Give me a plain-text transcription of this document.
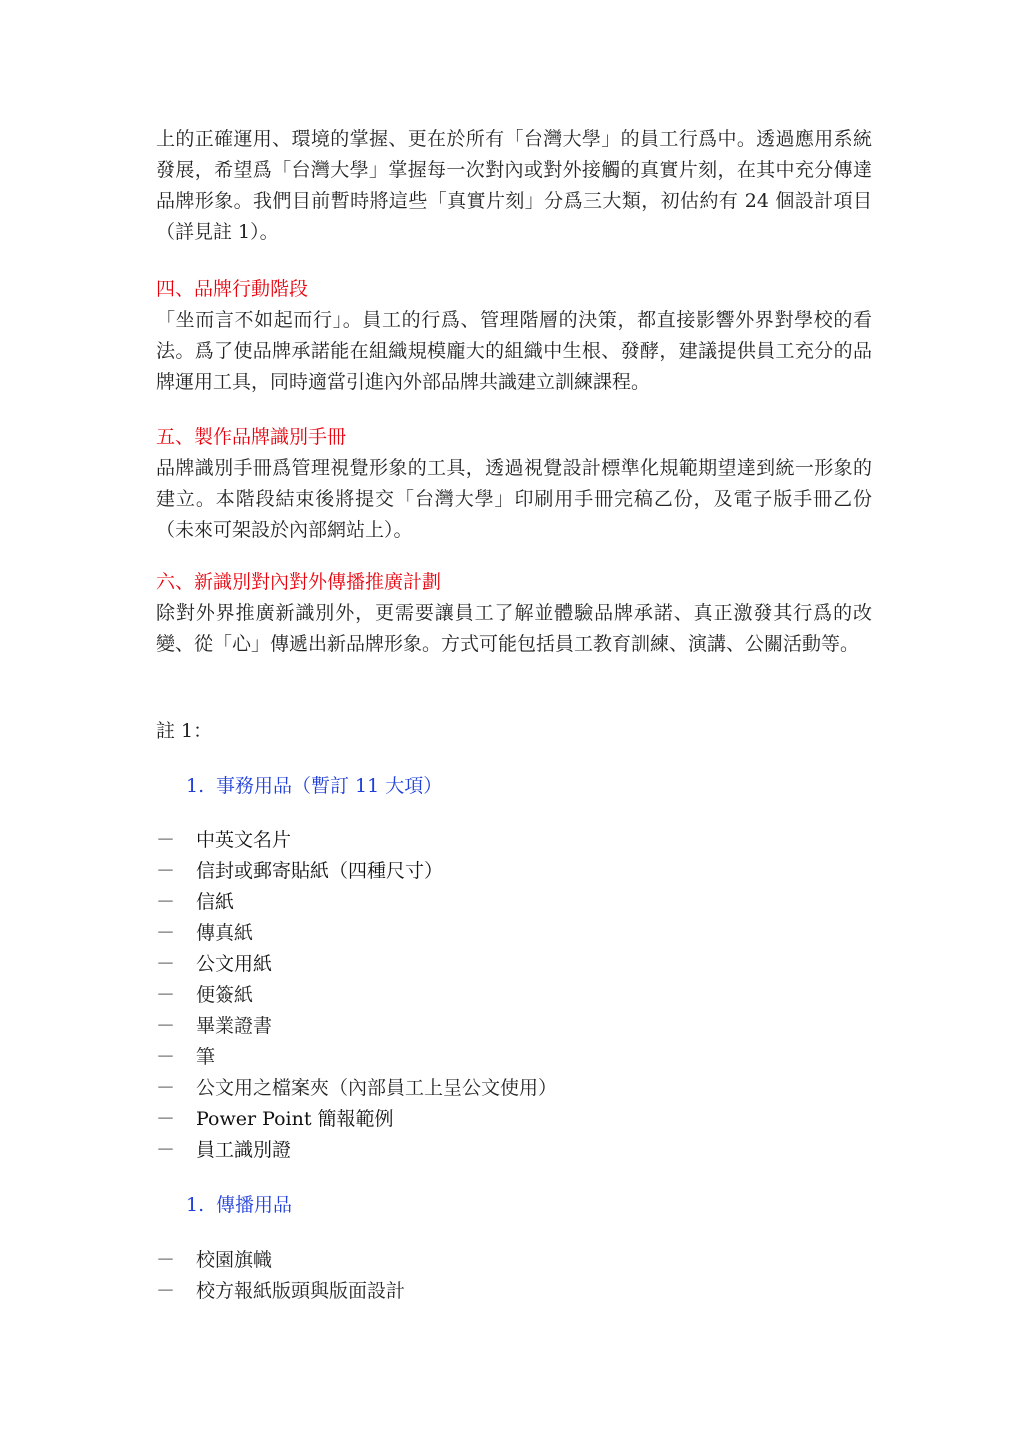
上的正確運用、環境的掌握、更在於所有「台灣大學」的員工行爲中。透過應用系統發展，希望爲「台灣大學」掌握每一次對內或對外接觸的真實片刻，在其中充分傳達品牌形象。我們目前暫時將這些「真實片刻」分爲三大類，初估約有 24 個設計項目（詳見註 1）。

四、品牌行動階段

「坐而言不如起而行」。員工的行爲、管理階層的決策，都直接影響外界對學校的看法。爲了使品牌承諾能在組織規模龐大的組織中生根、發酵，建議提供員工充分的品牌運用工具，同時適當引進內外部品牌共識建立訓練課程。

五、製作品牌識別手冊

品牌識別手冊爲管理視覺形象的工具，透過視覺設計標準化規範期望達到統一形象的建立。本階段結束後將提交「台灣大學」印刷用手冊完稿乙份，及電子版手冊乙份（未來可架設於內部網站上）。

六、新識別對內對外傳播推廣計劃

除對外界推廣新識別外，更需要讓員工了解並體驗品牌承諾、真正激發其行爲的改變、從「心」傳遞出新品牌形象。方式可能包括員工教育訓練、演講、公關活動等。

註 1：

1. 事務用品（暫訂 11 大項）

－ 中英文名片
－ 信封或郵寄貼紙（四種尺寸）
－ 信紙
－ 傳真紙
－ 公文用紙
－ 便簽紙
－ 畢業證書
－ 筆
－ 公文用之檔案夾（內部員工上呈公文使用）
－ Power Point 簡報範例
－ 員工識別證

1. 傳播用品

－ 校園旗幟
－ 校方報紙版頭與版面設計
